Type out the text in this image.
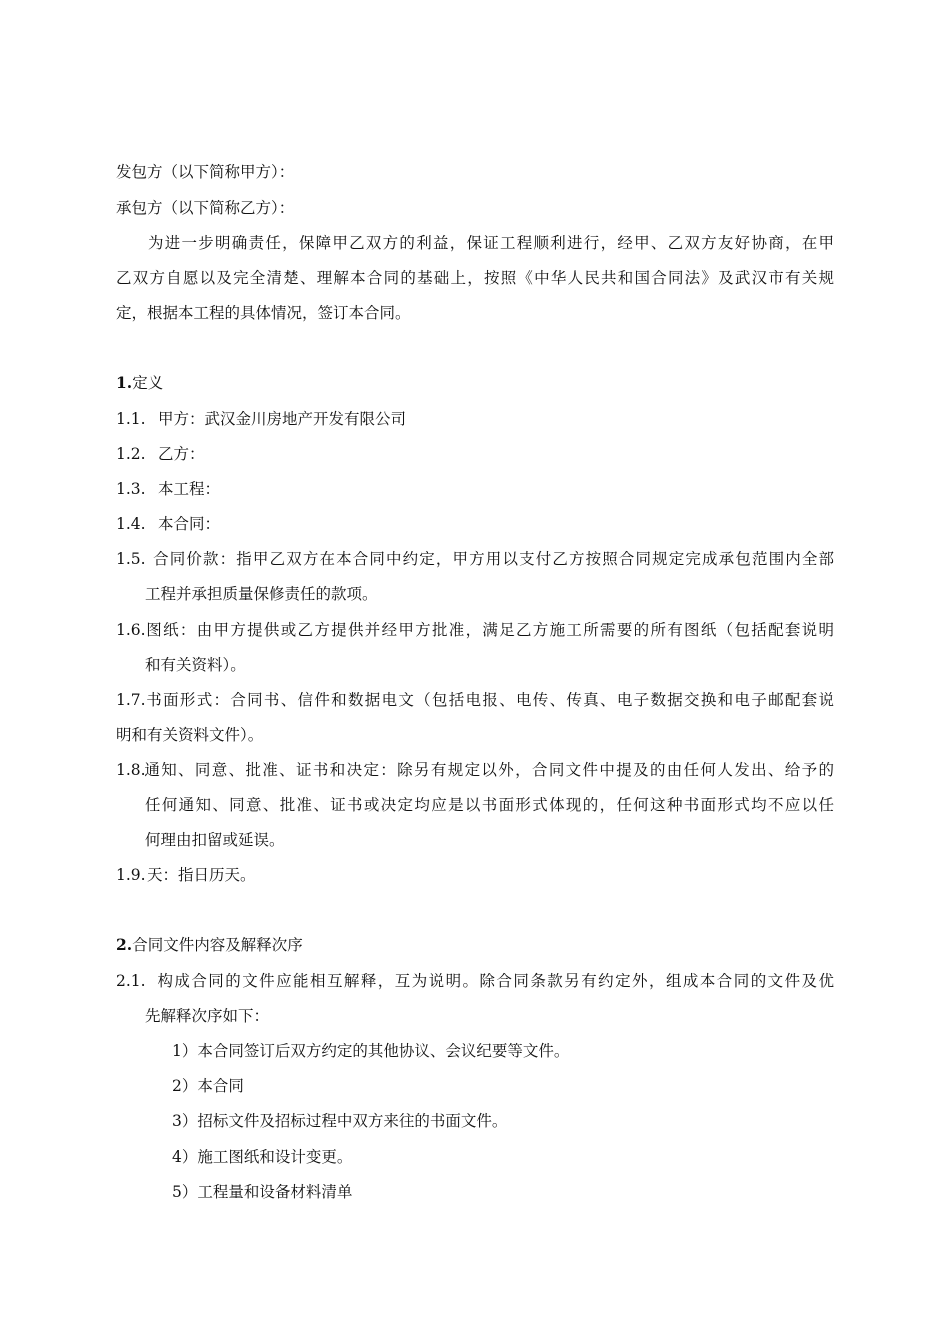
发包方（以下简称甲方）：
承包方（以下简称乙方）：
为进一步明确责任，保障甲乙双方的利益，保证工程顺利进行，经甲、乙双方友好协商，在甲
乙双方自愿以及完全清楚、理解本合同的基础上，按照《中华人民共和国合同法》及武汉市有关规
定，根据本工程的具体情况，签订本合同。
1.定义
1.1. 甲方：武汉金川房地产开发有限公司
1.2. 乙方：
1.3. 本工程：
1.4. 本合同：
1.5. 合同价款：指甲乙双方在本合同中约定，甲方用以支付乙方按照合同规定完成承包范围内全部
工程并承担质量保修责任的款项。
1.6.图纸：由甲方提供或乙方提供并经甲方批准，满足乙方施工所需要的所有图纸（包括配套说明
和有关资料）。
1.7.书面形式：合同书、信件和数据电文（包括电报、电传、传真、电子数据交换和电子邮配套说
明和有关资料文件）。
1.8.通知、同意、批准、证书和决定：除另有规定以外，合同文件中提及的由任何人发出、给予的
任何通知、同意、批准、证书或决定均应是以书面形式体现的，任何这种书面形式均不应以任
何理由扣留或延误。
1.9.天：指日历天。
2.合同文件内容及解释次序
2.1. 构成合同的文件应能相互解释，互为说明。除合同条款另有约定外，组成本合同的文件及优
先解释次序如下：
1）本合同签订后双方约定的其他协议、会议纪要等文件。
2）本合同
3）招标文件及招标过程中双方来往的书面文件。
4）施工图纸和设计变更。
5）工程量和设备材料清单
